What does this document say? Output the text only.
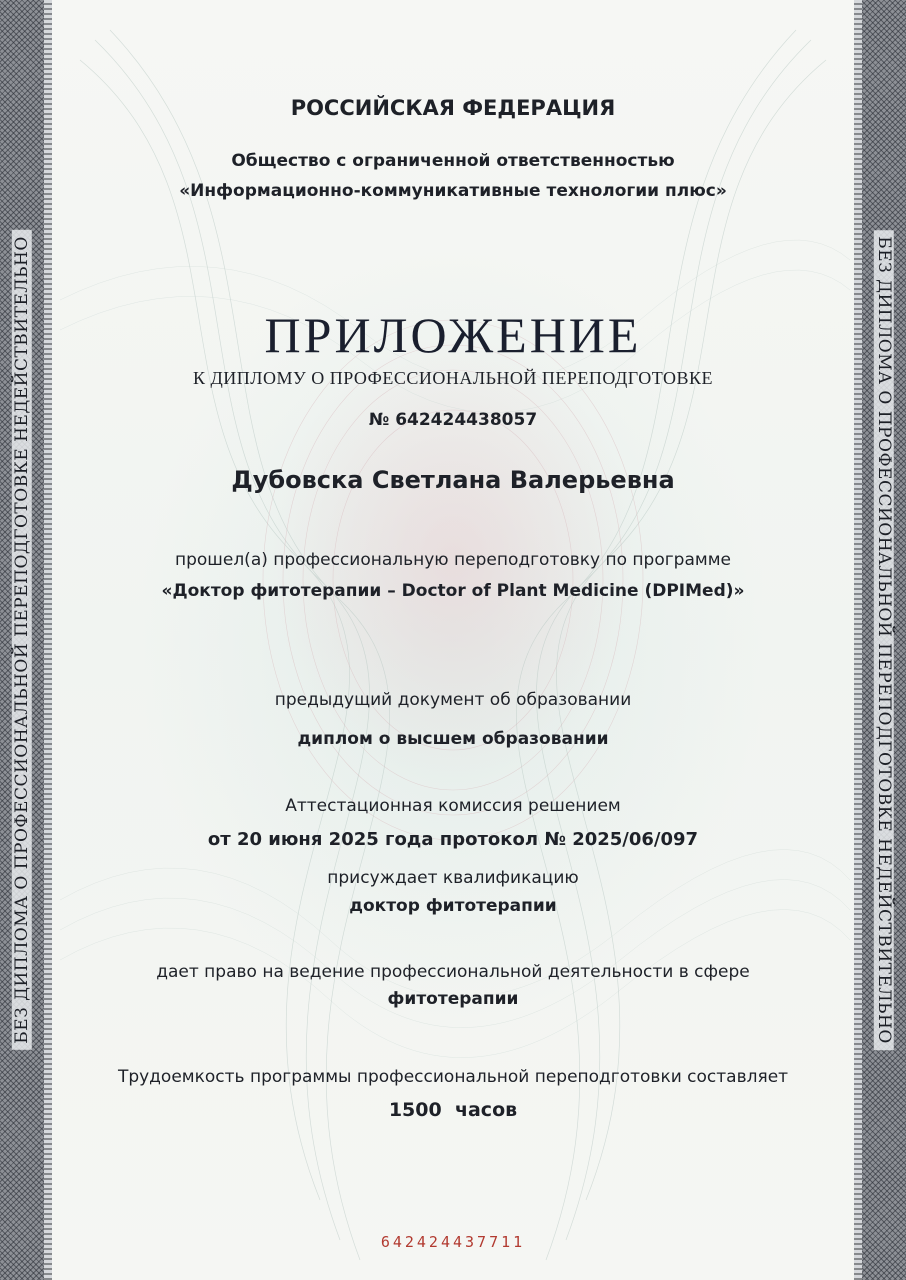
БЕЗ ДИПЛОМА О ПРОФЕССИОНАЛЬНОЙ ПЕРЕПОДГОТОВКЕ НЕДЕЙСТВИТЕЛЬНО	БЕЗ ДИПЛОМА О ПРОФЕССИОНАЛЬНОЙ ПЕРЕПОДГОТОВКЕ НЕДЕЙСТВИТЕЛЬНО
РОССИЙСКАЯ ФЕДЕРАЦИЯ
Общество с ограниченной ответственностью
«Информационно-коммуникативные технологии плюс»
ПРИЛОЖЕНИЕ
К ДИПЛОМУ О ПРОФЕССИОНАЛЬНОЙ ПЕРЕПОДГОТОВКЕ
№ 642424438057
Дубовска Светлана Валерьевна
прошел(а) профессиональную переподготовку по программе
«Доктор фитотерапии – Doctor of Plant Medicine (DPIMed)»
предыдущий документ об образовании
диплом о высшем образовании
Аттестационная комиссия решением
от 20 июня 2025 года протокол № 2025/06/097
присуждает квалификацию
доктор фитотерапии
дает право на ведение профессиональной деятельности в сфере
фитотерапии
Трудоемкость программы профессиональной переподготовки составляет
1500  часов
642424437711
